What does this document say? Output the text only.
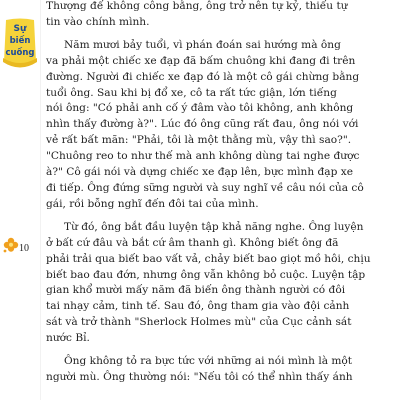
Sự
biến
cuống
10

Thượng đế không công bằng, ông trở nên tự kỷ, thiếu tự
tin vào chính mình.

Năm mươi bảy tuổi, vì phán đoán sai hướng mà ông
va phải một chiếc xe đạp đã bấm chuông khi đang đi trên
đường. Người đi chiếc xe đạp đó là một cô gái chừng bằng
tuổi ông. Sau khi bị đổ xe, cô ta rất tức giận, lớn tiếng
nói ông: "Có phải anh cố ý đâm vào tôi không, anh không
nhìn thấy đường à?". Lúc đó ông cũng rất đau, ông nói với
vẻ rất bất mãn: "Phải, tôi là một thằng mù, vậy thì sao?".
"Chuông reo to như thế mà anh không dùng tai nghe được
à?" Cô gái nói và dựng chiếc xe đạp lên, bực mình đạp xe
đi tiếp. Ông đứng sững người và suy nghĩ về câu nói của cô
gái, rồi bỗng nghĩ đến đôi tai của mình.

Từ đó, ông bắt đầu luyện tập khả năng nghe. Ông luyện
ở bất cứ đâu và bắt cứ âm thanh gì. Không biết ông đã
phải trải qua biết bao vất vả, chảy biết bao giọt mồ hôi, chịu
biết bao đau đớn, nhưng ông vẫn không bỏ cuộc. Luyện tập
gian khổ mười mấy năm đã biến ông thành người có đôi
tai nhạy cảm, tinh tế. Sau đó, ông tham gia vào đội cảnh
sát và trở thành "Sherlock Holmes mù" của Cục cảnh sát
nước Bỉ.

Ông không tỏ ra bực tức với những ai nói mình là một
người mù. Ông thường nói: "Nếu tôi có thể nhìn thấy ánh
